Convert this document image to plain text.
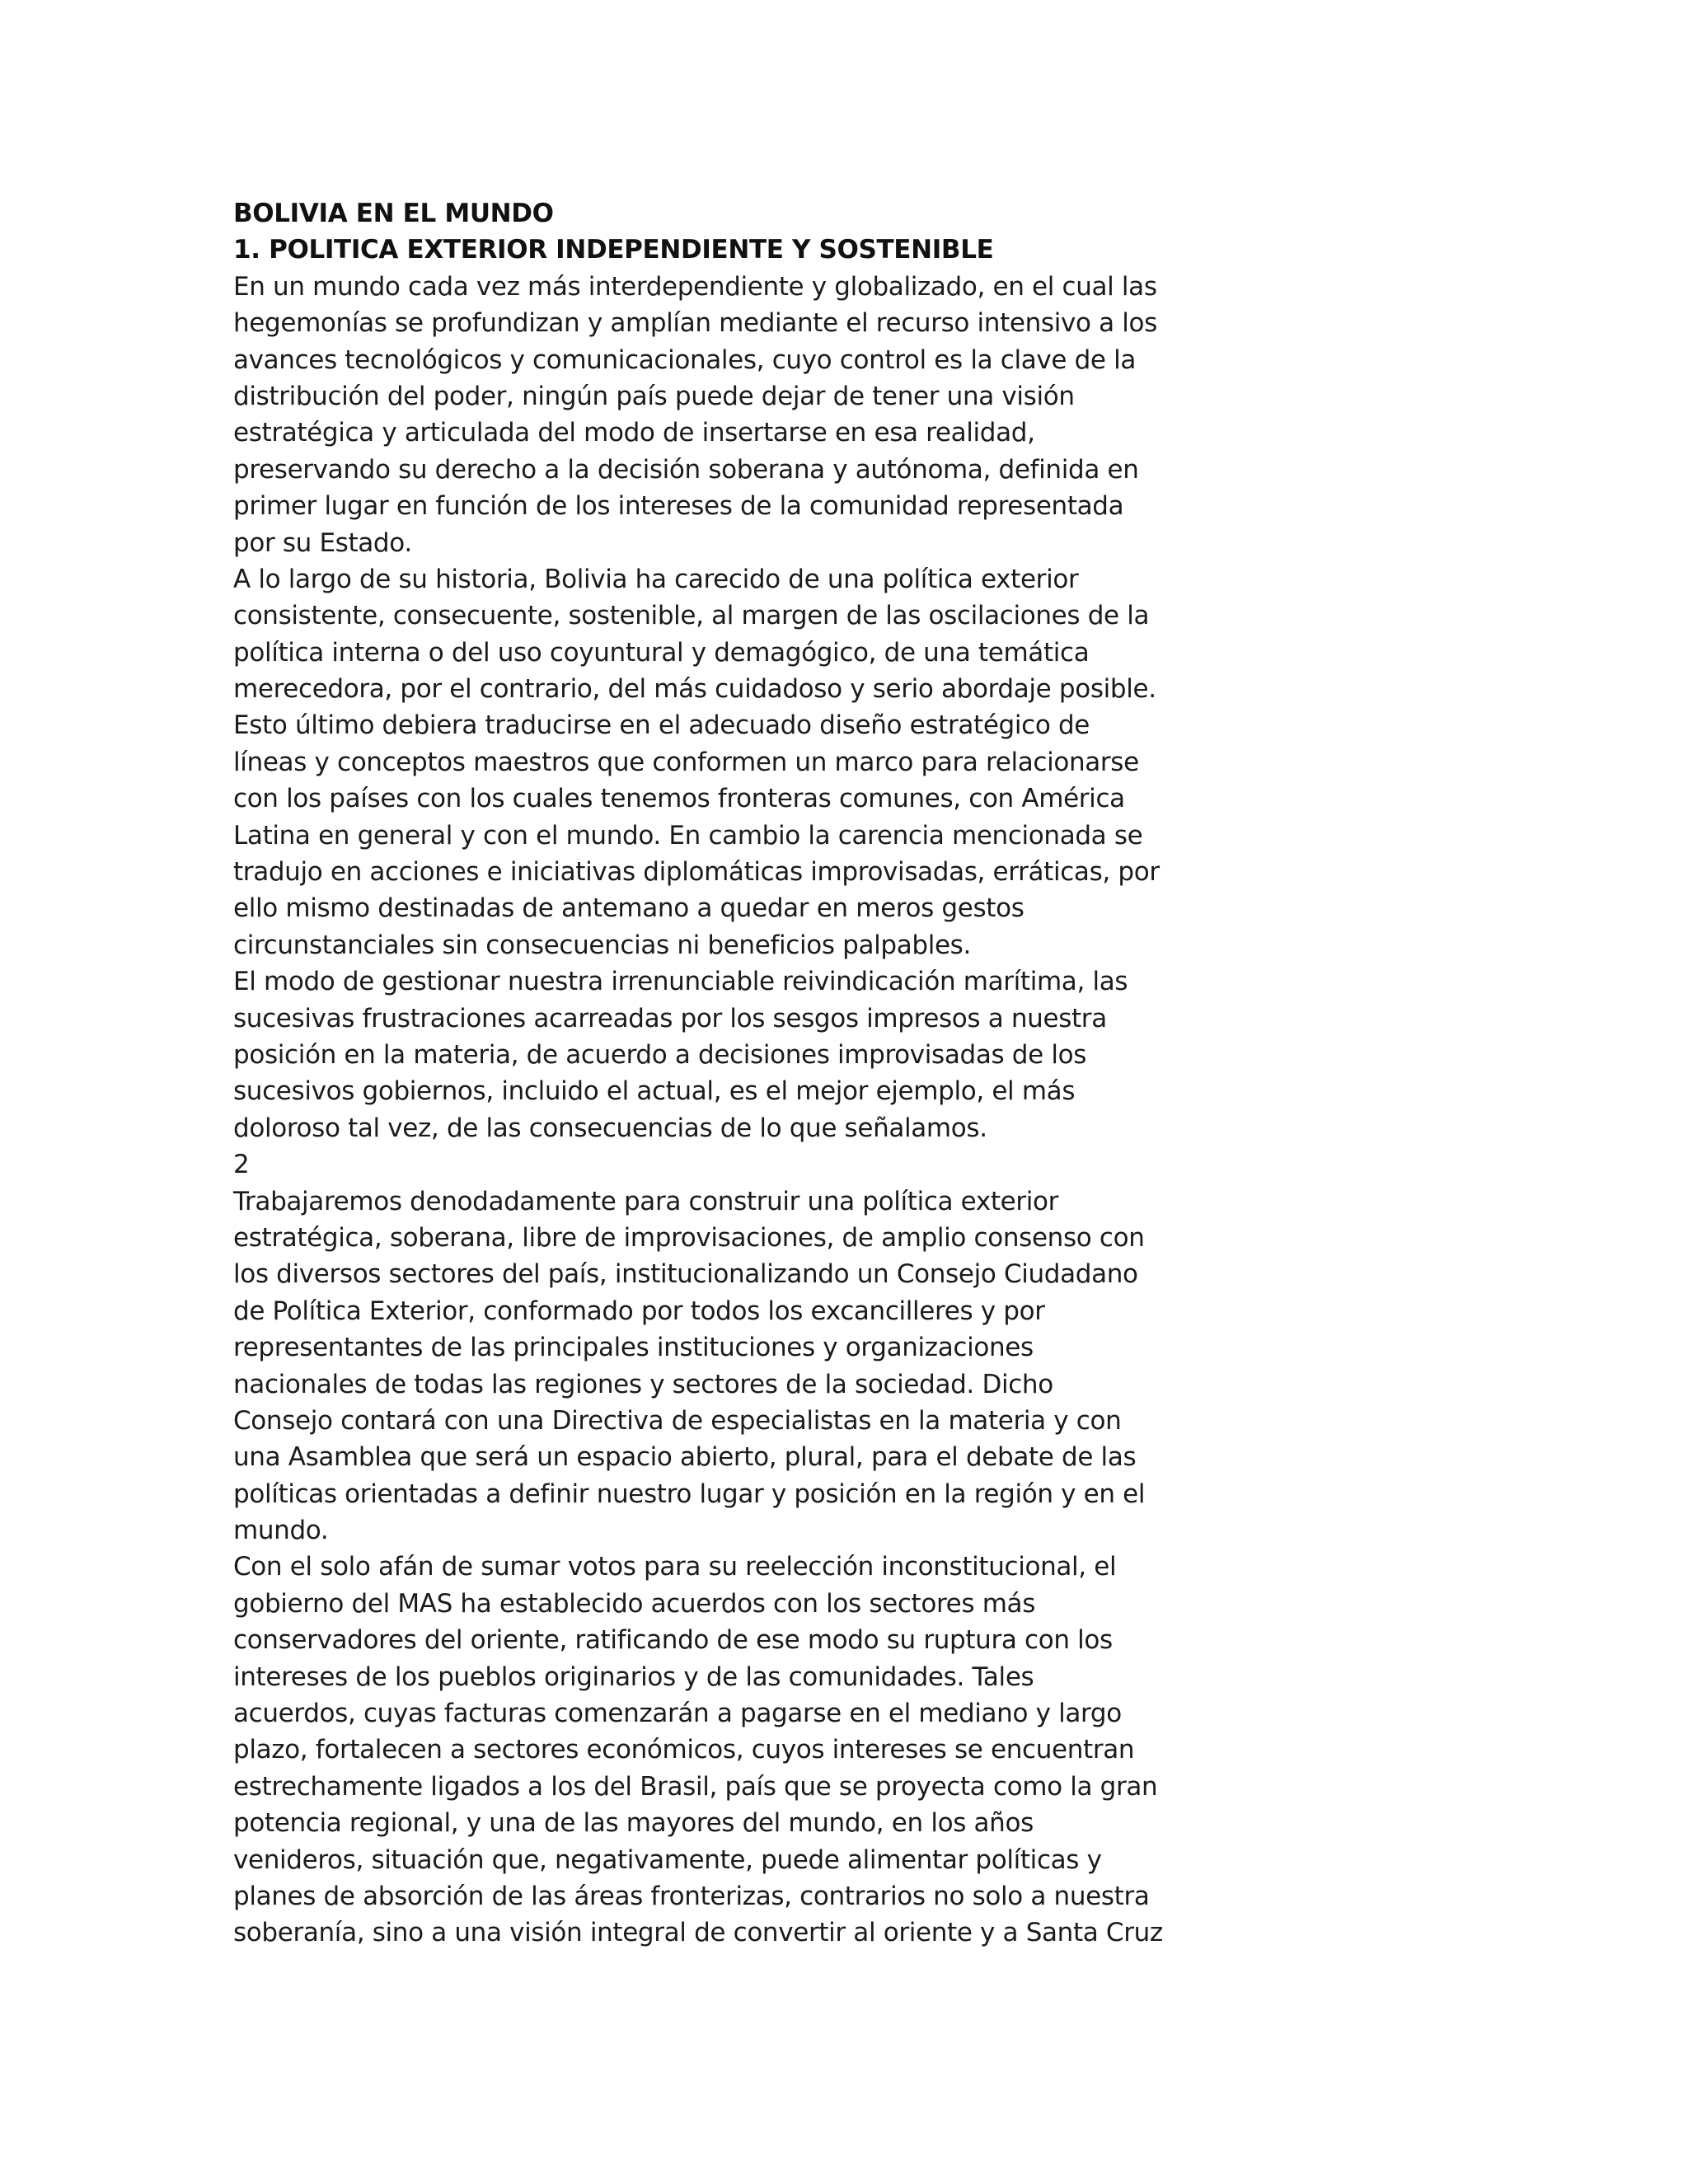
BOLIVIA EN EL MUNDO
1. POLITICA EXTERIOR INDEPENDIENTE Y SOSTENIBLE
En un mundo cada vez más interdependiente y globalizado, en el cual las
hegemonías se profundizan y amplían mediante el recurso intensivo a los
avances tecnológicos y comunicacionales, cuyo control es la clave de la
distribución del poder, ningún país puede dejar de tener una visión
estratégica y articulada del modo de insertarse en esa realidad,
preservando su derecho a la decisión soberana y autónoma, definida en
primer lugar en función de los intereses de la comunidad representada
por su Estado.
A lo largo de su historia, Bolivia ha carecido de una política exterior
consistente, consecuente, sostenible, al margen de las oscilaciones de la
política interna o del uso coyuntural y demagógico, de una temática
merecedora, por el contrario, del más cuidadoso y serio abordaje posible.
Esto último debiera traducirse en el adecuado diseño estratégico de
líneas y conceptos maestros que conformen un marco para relacionarse
con los países con los cuales tenemos fronteras comunes, con América
Latina en general y con el mundo. En cambio la carencia mencionada se
tradujo en acciones e iniciativas diplomáticas improvisadas, erráticas, por
ello mismo destinadas de antemano a quedar en meros gestos
circunstanciales sin consecuencias ni beneficios palpables.
El modo de gestionar nuestra irrenunciable reivindicación marítima, las
sucesivas frustraciones acarreadas por los sesgos impresos a nuestra
posición en la materia, de acuerdo a decisiones improvisadas de los
sucesivos gobiernos, incluido el actual, es el mejor ejemplo, el más
doloroso tal vez, de las consecuencias de lo que señalamos.
2
Trabajaremos denodadamente para construir una política exterior
estratégica, soberana, libre de improvisaciones, de amplio consenso con
los diversos sectores del país, institucionalizando un Consejo Ciudadano
de Política Exterior, conformado por todos los excancilleres y por
representantes de las principales instituciones y organizaciones
nacionales de todas las regiones y sectores de la sociedad. Dicho
Consejo contará con una Directiva de especialistas en la materia y con
una Asamblea que será un espacio abierto, plural, para el debate de las
políticas orientadas a definir nuestro lugar y posición en la región y en el
mundo.
Con el solo afán de sumar votos para su reelección inconstitucional, el
gobierno del MAS ha establecido acuerdos con los sectores más
conservadores del oriente, ratificando de ese modo su ruptura con los
intereses de los pueblos originarios y de las comunidades. Tales
acuerdos, cuyas facturas comenzarán a pagarse en el mediano y largo
plazo, fortalecen a sectores económicos, cuyos intereses se encuentran
estrechamente ligados a los del Brasil, país que se proyecta como la gran
potencia regional, y una de las mayores del mundo, en los años
venideros, situación que, negativamente, puede alimentar políticas y
planes de absorción de las áreas fronterizas, contrarios no solo a nuestra
soberanía, sino a una visión integral de convertir al oriente y a Santa Cruz
